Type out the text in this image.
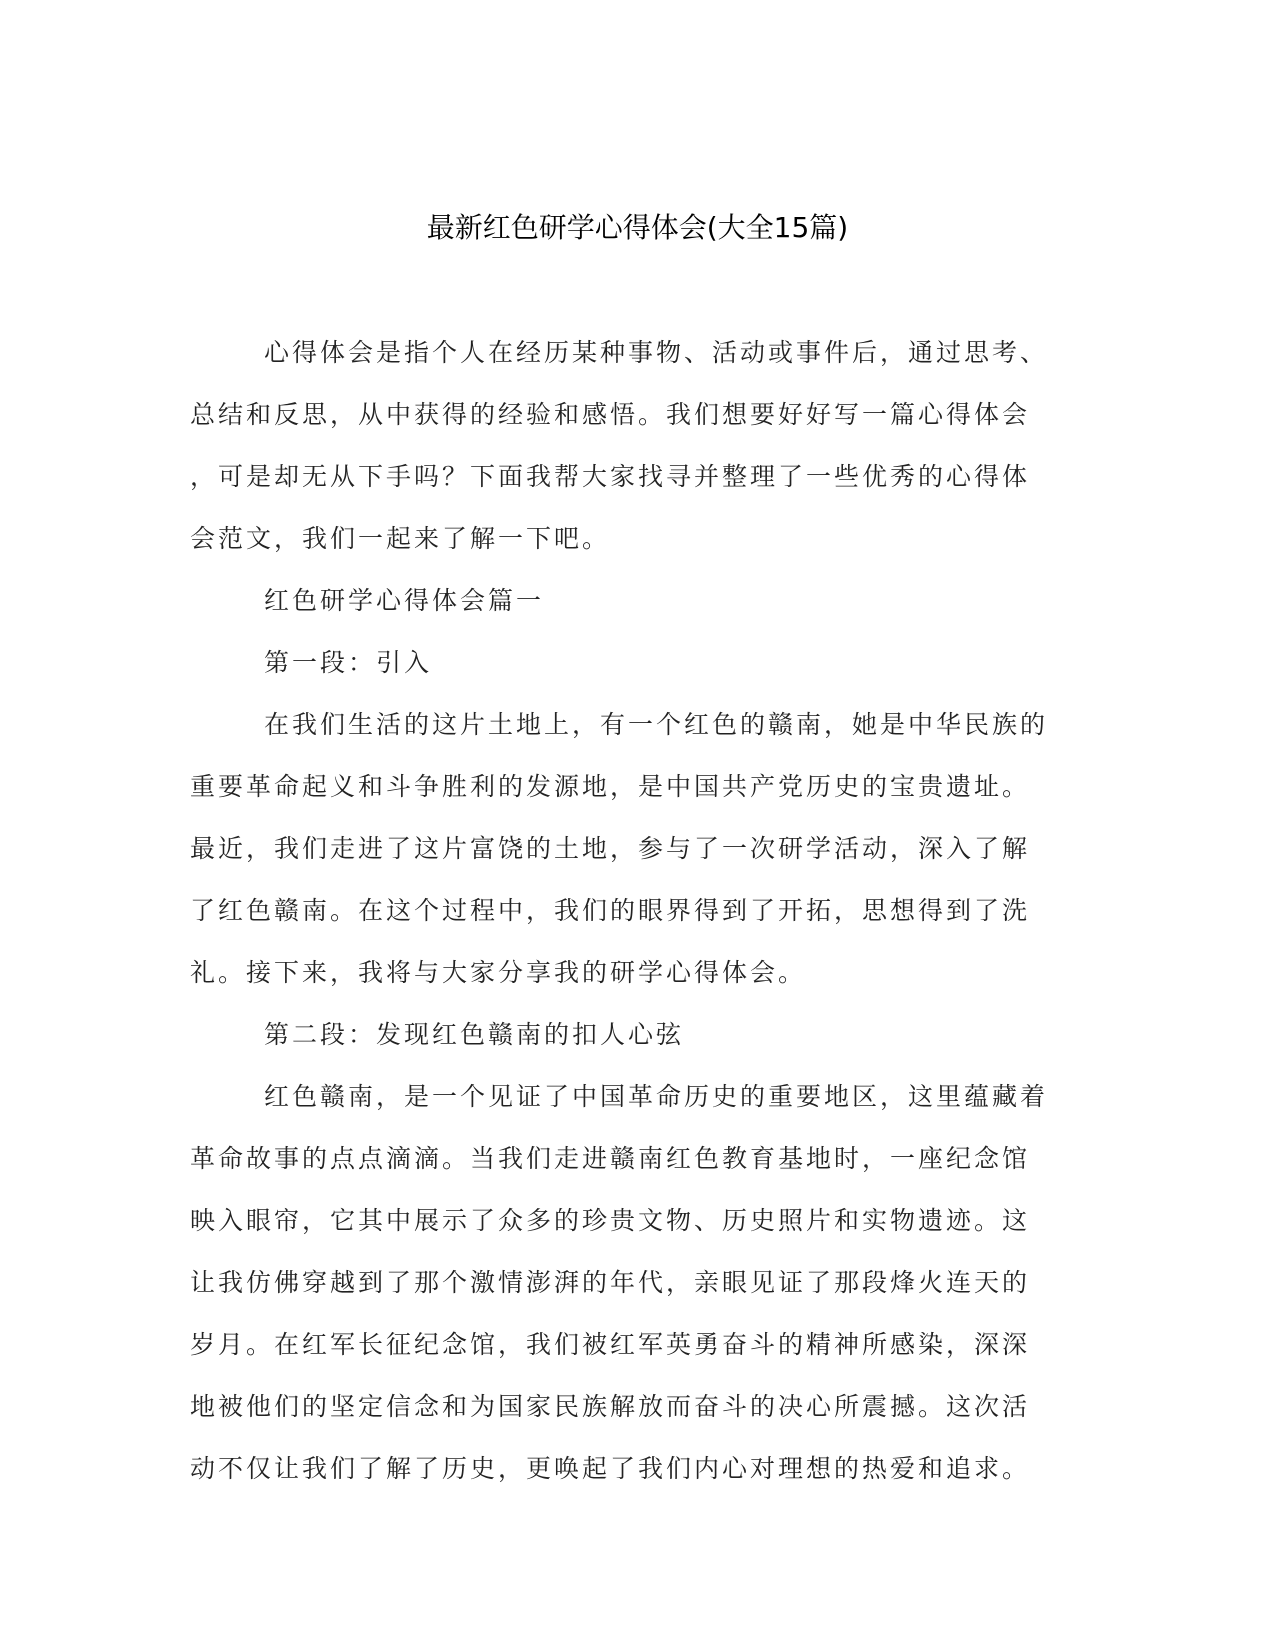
最新红色研学心得体会(大全15篇)
心得体会是指个人在经历某种事物、活动或事件后，通过思考、
总结和反思，从中获得的经验和感悟。我们想要好好写一篇心得体会
，可是却无从下手吗？下面我帮大家找寻并整理了一些优秀的心得体
会范文，我们一起来了解一下吧。
红色研学心得体会篇一
第一段：引入
在我们生活的这片土地上，有一个红色的赣南，她是中华民族的
重要革命起义和斗争胜利的发源地，是中国共产党历史的宝贵遗址。
最近，我们走进了这片富饶的土地，参与了一次研学活动，深入了解
了红色赣南。在这个过程中，我们的眼界得到了开拓，思想得到了洗
礼。接下来，我将与大家分享我的研学心得体会。
第二段：发现红色赣南的扣人心弦
红色赣南，是一个见证了中国革命历史的重要地区，这里蕴藏着
革命故事的点点滴滴。当我们走进赣南红色教育基地时，一座纪念馆
映入眼帘，它其中展示了众多的珍贵文物、历史照片和实物遗迹。这
让我仿佛穿越到了那个激情澎湃的年代，亲眼见证了那段烽火连天的
岁月。在红军长征纪念馆，我们被红军英勇奋斗的精神所感染，深深
地被他们的坚定信念和为国家民族解放而奋斗的决心所震撼。这次活
动不仅让我们了解了历史，更唤起了我们内心对理想的热爱和追求。
